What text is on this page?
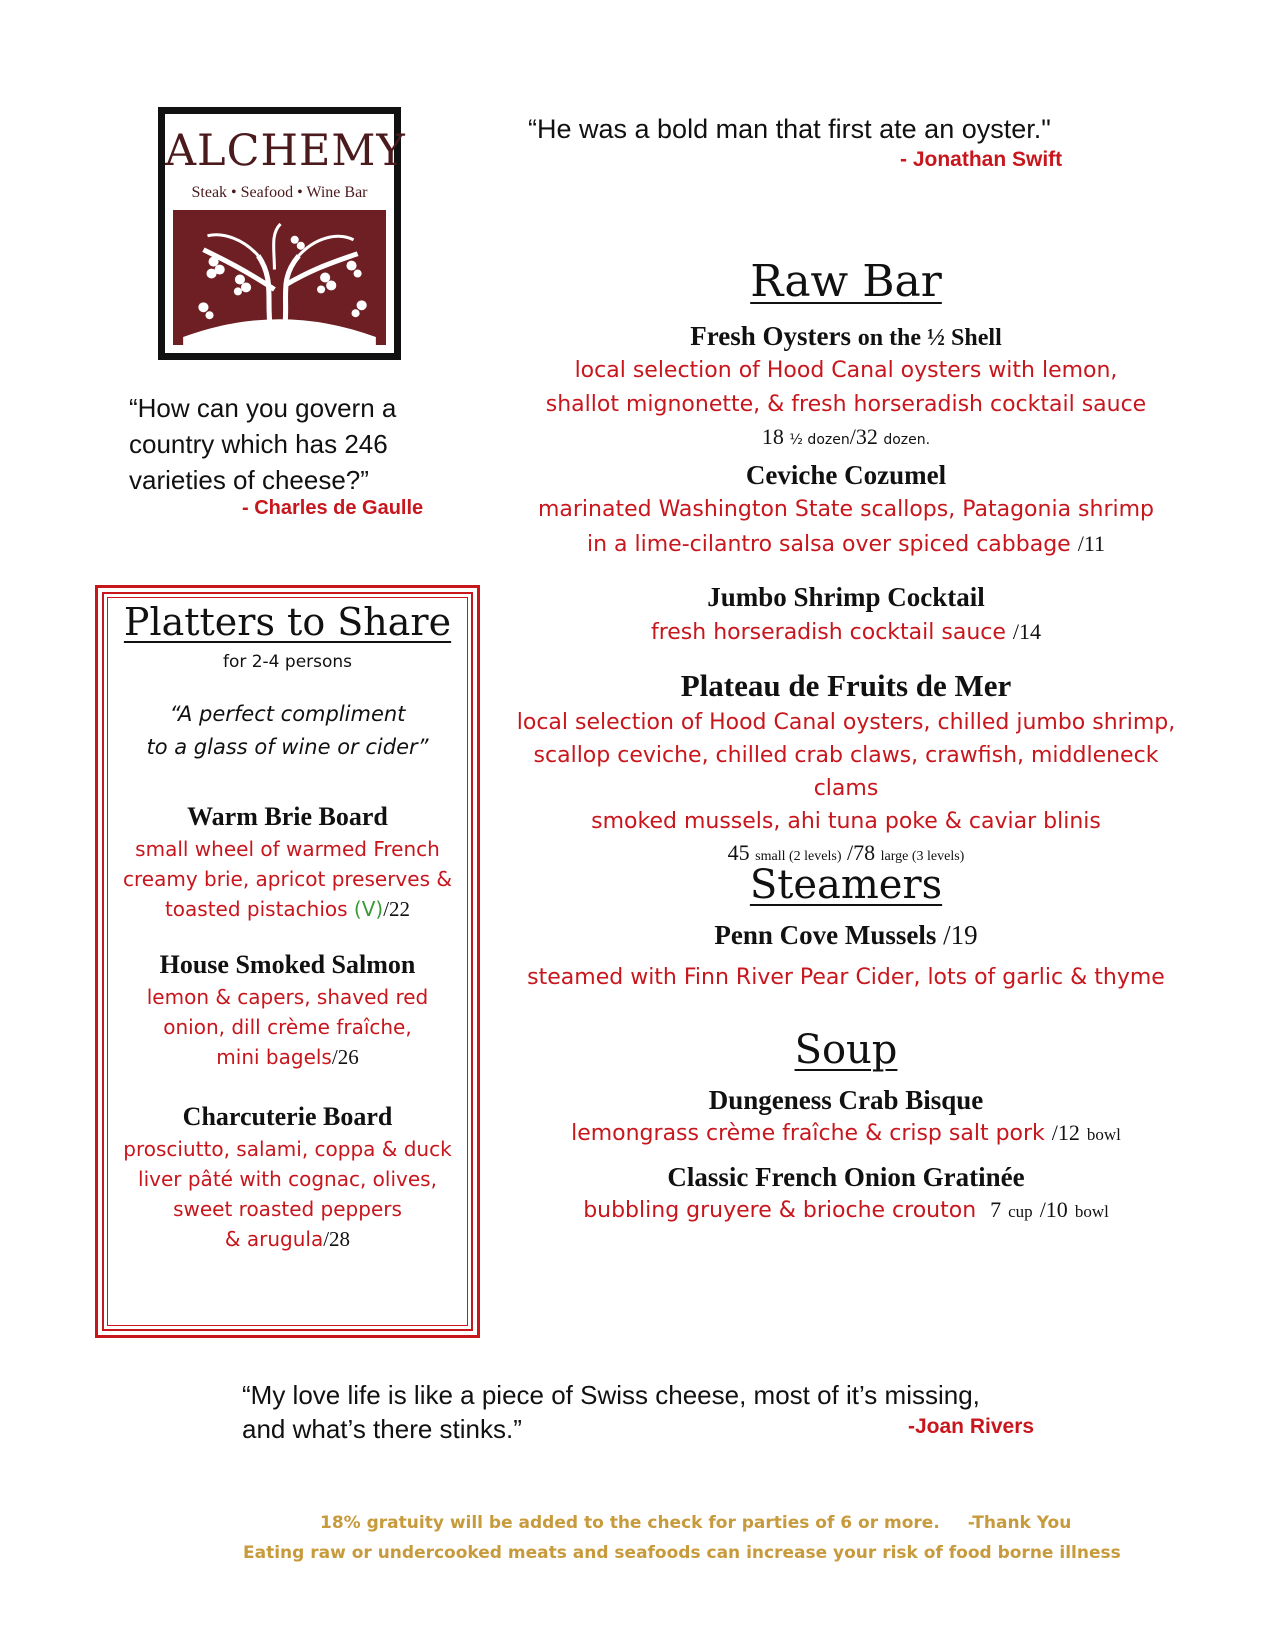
ALCHEMY
Steak • Seafood • Wine Bar
“He was a bold man that first ate an oyster."
- Jonathan Swift
“How can you govern a
country which has 246
varieties of cheese?”
- Charles de Gaulle
Platters to Share
for 2-4 persons
“A perfect compliment
to a glass of wine or cider”
Warm Brie Board
small wheel of warmed French
creamy brie, apricot preserves &
toasted pistachios (V)/22
House Smoked Salmon
lemon & capers, shaved red
onion, dill crème fraîche,
mini bagels/26
Charcuterie Board
prosciutto, salami, coppa & duck
liver pâté with cognac, olives,
sweet roasted peppers
& arugula/28
Raw Bar
Fresh Oysters on the ½ Shell
local selection of Hood Canal oysters with lemon,
shallot mignonette, & fresh horseradish cocktail sauce
18 ½ dozen/32 dozen.
Ceviche Cozumel
marinated Washington State scallops, Patagonia shrimp
in a lime-cilantro salsa over spiced cabbage /11
Jumbo Shrimp Cocktail
fresh horseradish cocktail sauce /14
Plateau de Fruits de Mer
local selection of Hood Canal oysters, chilled jumbo shrimp,
scallop ceviche, chilled crab claws, crawfish, middleneck clams
smoked mussels, ahi tuna poke & caviar blinis
45 small (2 levels) /78 large (3 levels)
Steamers
Penn Cove Mussels /19
steamed with Finn River Pear Cider, lots of garlic & thyme
Soup
Dungeness Crab Bisque
lemongrass crème fraîche & crisp salt pork /12 bowl
Classic French Onion Gratinée
bubbling gruyere & brioche crouton 7 cup /10 bowl
“My love life is like a piece of Swiss cheese, most of it’s missing,
and what’s there stinks.”	-Joan Rivers
18% gratuity will be added to the check for parties of 6 or more. -Thank You
Eating raw or undercooked meats and seafoods can increase your risk of food borne illness
